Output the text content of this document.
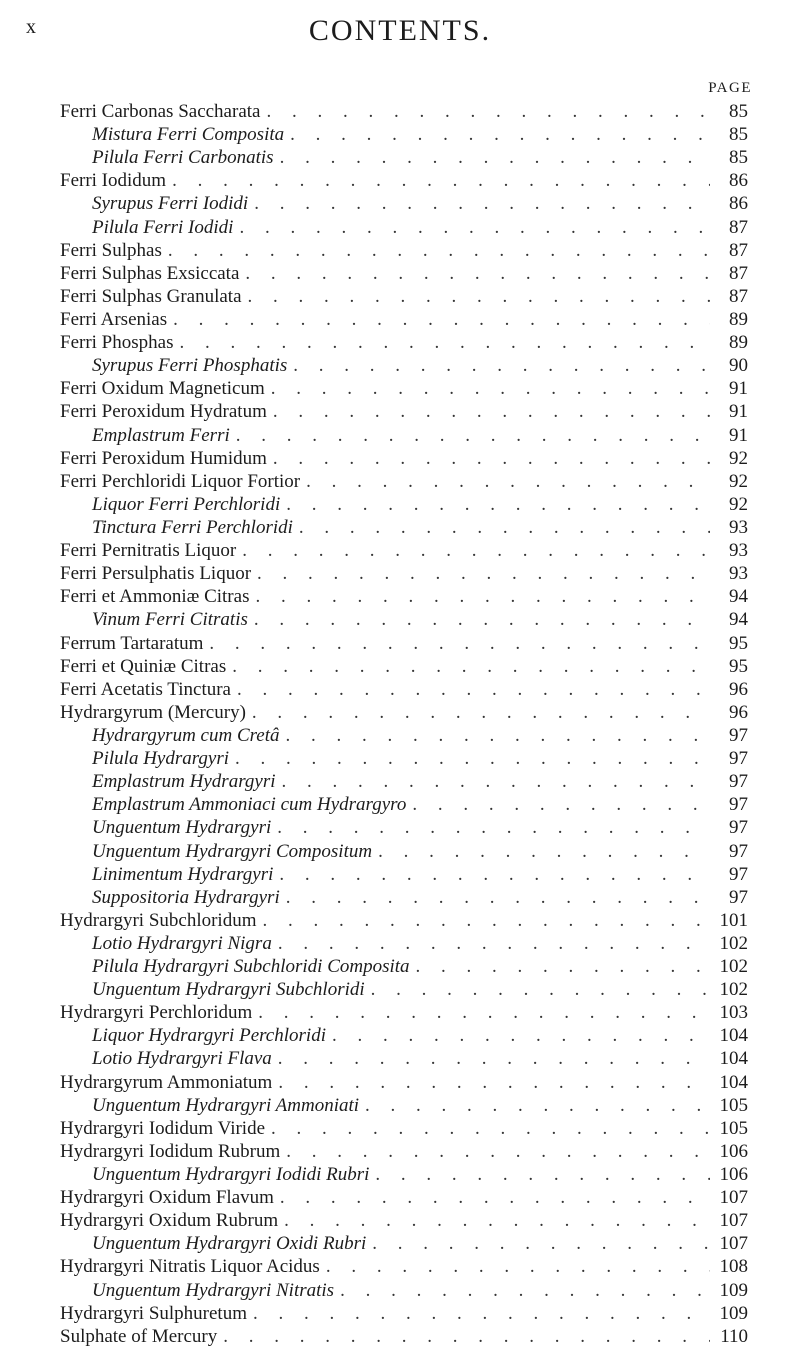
x	CONTENTS.
PAGE
Ferri Carbonas Saccharata . . .	85
Mistura Ferri Composita . . .	85
Pilula Ferri Carbonatis . . .	85
Ferri Iodidum . . .	86
Syrupus Ferri Iodidi . . .	86
Pilula Ferri Iodidi . . .	87
Ferri Sulphas . . .	87
Ferri Sulphas Exsiccata . . .	87
Ferri Sulphas Granulata . . .	87
Ferri Arsenias . . .	89
Ferri Phosphas . . .	89
Syrupus Ferri Phosphatis . . .	90
Ferri Oxidum Magneticum . . .	91
Ferri Peroxidum Hydratum . . .	91
Emplastrum Ferri . . .	91
Ferri Peroxidum Humidum . . .	92
Ferri Perchloridi Liquor Fortior . . .	92
Liquor Ferri Perchloridi . . .	92
Tinctura Ferri Perchloridi . . .	93
Ferri Pernitratis Liquor . . .	93
Ferri Persulphatis Liquor . . .	93
Ferri et Ammoniæ Citras . . .	94
Vinum Ferri Citratis . . .	94
Ferrum Tartaratum . . .	95
Ferri et Quiniæ Citras . . .	95
Ferri Acetatis Tinctura . . .	96
Hydrargyrum (Mercury) . . .	96
Hydrargyrum cum Cretâ . . .	97
Pilula Hydrargyri . . .	97
Emplastrum Hydrargyri . . .	97
Emplastrum Ammoniaci cum Hydrargyro . . .	97
Unguentum Hydrargyri . . .	97
Unguentum Hydrargyri Compositum . . .	97
Linimentum Hydrargyri . . .	97
Suppositoria Hydrargyri . . .	97
Hydrargyri Subchloridum . . .	101
Lotio Hydrargyri Nigra . . .	102
Pilula Hydrargyri Subchloridi Composita . . .	102
Unguentum Hydrargyri Subchloridi . . .	102
Hydrargyri Perchloridum . . .	103
Liquor Hydrargyri Perchloridi . . .	104
Lotio Hydrargyri Flava . . .	104
Hydrargyrum Ammoniatum . . .	104
Unguentum Hydrargyri Ammoniati . . .	105
Hydrargyri Iodidum Viride . . .	105
Hydrargyri Iodidum Rubrum . . .	106
Unguentum Hydrargyri Iodidi Rubri . . .	106
Hydrargyri Oxidum Flavum . . .	107
Hydrargyri Oxidum Rubrum . . .	107
Unguentum Hydrargyri Oxidi Rubri . . .	107
Hydrargyri Nitratis Liquor Acidus . . .	108
Unguentum Hydrargyri Nitratis . . .	109
Hydrargyri Sulphuretum . . .	109
Sulphate of Mercury . . .	110
